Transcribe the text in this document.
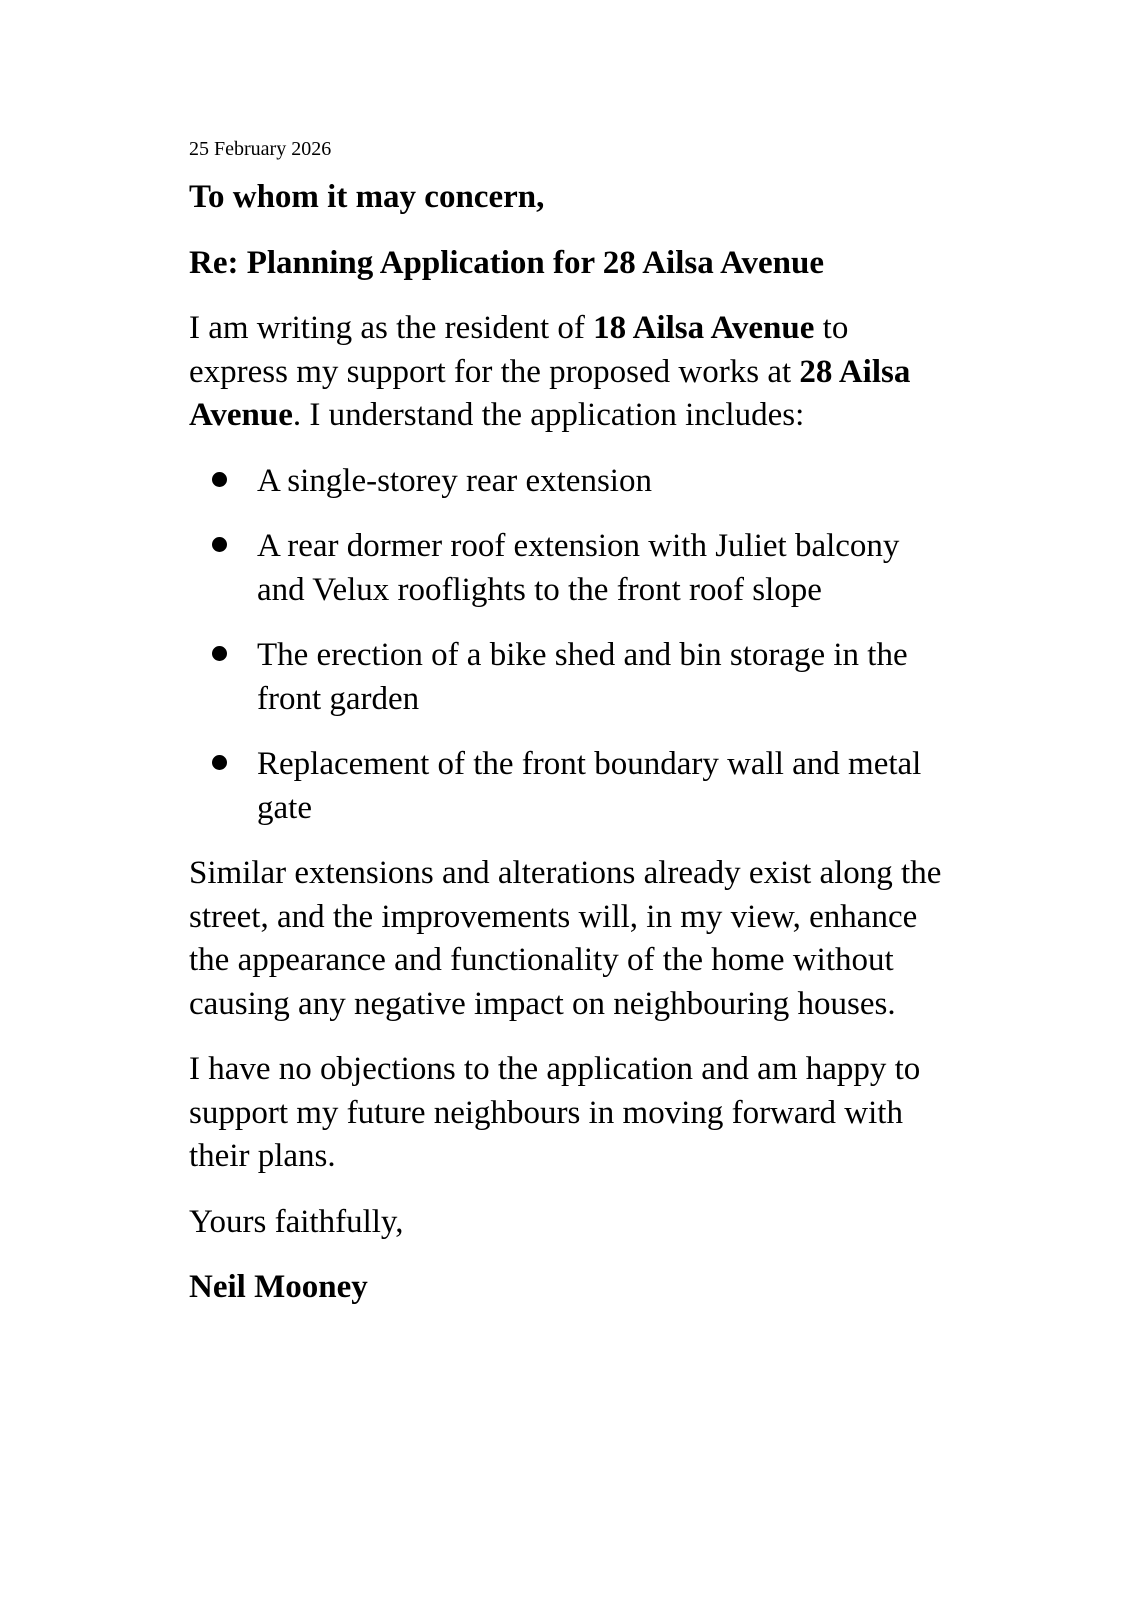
25 February 2026

To whom it may concern,

Re: Planning Application for 28 Ailsa Avenue

I am writing as the resident of 18 Ailsa Avenue to express my support for the proposed works at 28 Ailsa Avenue. I understand the application includes:

A single-storey rear extension
A rear dormer roof extension with Juliet balcony and Velux rooflights to the front roof slope
The erection of a bike shed and bin storage in the front garden
Replacement of the front boundary wall and metal gate

Similar extensions and alterations already exist along the street, and the improvements will, in my view, enhance the appearance and functionality of the home without causing any negative impact on neighbouring houses.

I have no objections to the application and am happy to support my future neighbours in moving forward with their plans.

Yours faithfully,

Neil Mooney
